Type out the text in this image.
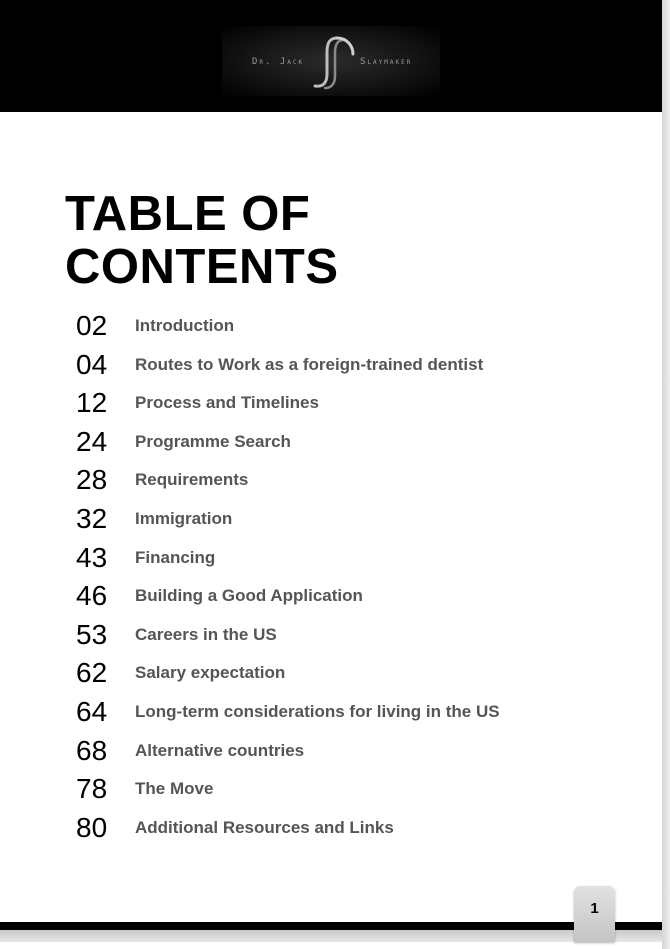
Dr. Jack	Slaymaker
TABLE OF
CONTENTS
02	Introduction
04	Routes to Work as a foreign-trained dentist
12	Process and Timelines
24	Programme Search
28	Requirements
32	Immigration
43	Financing
46	Building a Good Application
53	Careers in the US
62	Salary expectation
64	Long-term considerations for living in the US
68	Alternative countries
78	The Move
80	Additional Resources and Links
1
